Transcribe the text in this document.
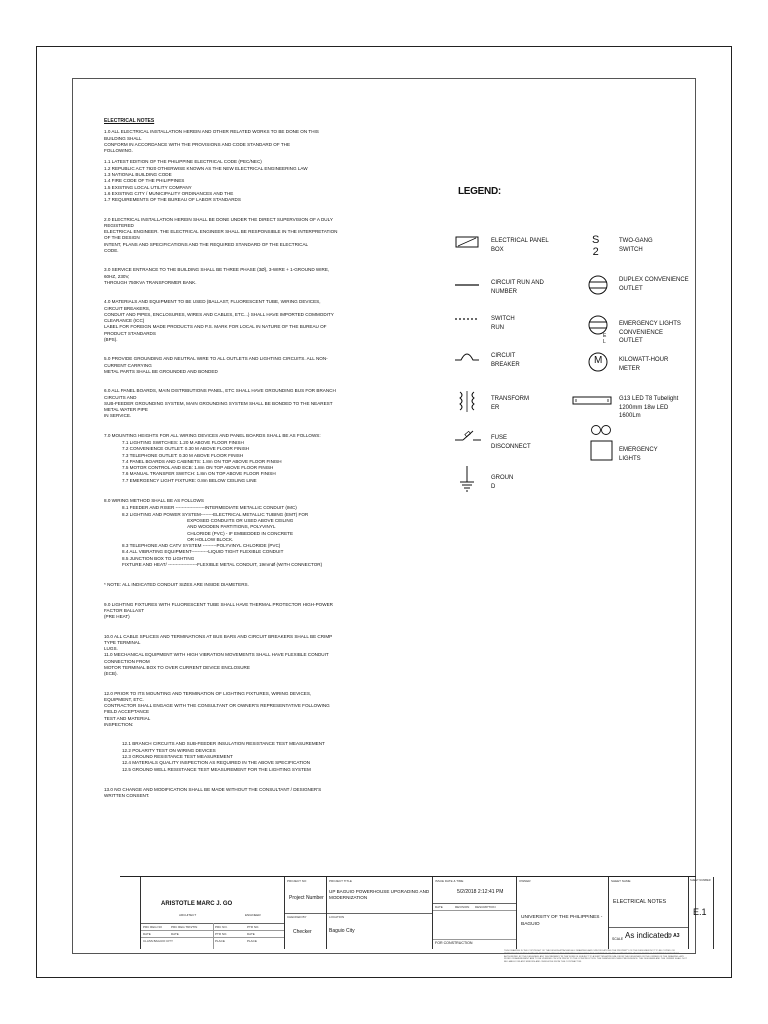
ELECTRICAL NOTES
1.0 ALL ELECTRICAL INSTALLATION HEREIN AND OTHER RELATED WORKS TO BE DONE ON THIS BUILDING SHALL
CONFORM IN ACCORDANCE WITH THE PROVISIONS AND CODE STANDARD OF THE
FOLLOWING.
1.1 LATEST EDITION OF THE PHILIPPINE ELECTRICAL CODE (PEC/NEC)
1.2 REPUBLIC ACT 7920 OTHERWISE KNOWN AS THE NEW ELECTRICAL ENGINEERING LAW
1.3 NATIONAL BUILDING CODE
1.4 FIRE CODE OF THE PHILIPPINES
1.5 EXISTING LOCAL UTILITY COMPANY
1.6 EXISTING CITY / MUNICIPALITY ORDINANCES AND THE
1.7 REQUIREMENTS OF THE BUREAU OF LABOR STANDARDS
2.0 ELECTRICAL INSTALLATION HEREIN SHALL BE DONE UNDER THE DIRECT SUPERVISION OF A DULY REGISTERED
ELECTRICAL ENGINEER. THE ELECTRICAL ENGINEER SHALL BE RESPONSIBLE IN THE INTERPRETATION OF THE DESIGN
INTENT, PLANS AND SPECIFICATIONS AND THE REQUIRED STANDARD OF THE ELECTRICAL
CODE.
3.0 SERVICE ENTRANCE TO THE BUILDING SHALL BE THREE PHASE (3Ø), 3-WIRE + 1-GROUND WIRE, 60HZ, 230V,
THROUGH 750KVA TRANSFORMER BANK.
4.0 MATERIALS AND EQUIPMENT TO BE USED (BALLAST, FLUORESCENT TUBE, WIRING DEVICES, CIRCUIT BREAKERS,
CONDUIT AND PIPES, ENCLOSURES, WIRES AND CABLES, ETC...) SHALL HAVE IMPORTED COMMODITY CLEARANCE (ICC)
LABEL FOR FOREIGN MADE PRODUCTS AND P.S. MARK FOR LOCAL IN NATURE OF THE BUREAU OF PRODUCT STANDARDS
(BPS).
5.0 PROVIDE GROUNDING AND NEUTRAL WIRE TO ALL OUTLETS AND LIGHTING CIRCUITS. ALL NON-CURRENT CARRYING
METAL PARTS SHALL BE GROUNDED AND BONDED
6.0 ALL PANEL BOARDS, MAIN DISTRIBUTIONS PANEL, ETC SHALL HAVE GROUNDING BUS FOR BRANCH CIRCUITS AND
SUB-FEEDER GROUNDING SYSTEM, MAIN GROUNDING SYSTEM SHALL BE BONDED TO THE NEAREST METAL WATER PIPE
IN SERVICE.
7.0 MOUNTING HEIGHTS FOR ALL WIRING DEVICES AND PANEL BOARDS SHALL BE AS FOLLOWS:
7.1 LIGHTING SWITCHES: 1.20 M ABOVE FLOOR FINISH
7.2 CONVENIENCE OUTLET: 0.30 M ABOVE FLOOR FINISH
7.3 TELEPHONE OUTLET: 0.30 M ABOVE FLOOR FINISH
7.4 PANEL BOARDS AND CABINETS: 1.8m ON TOP ABOVE FLOOR FINISH
7.5 MOTOR CONTROL AND ECB: 1.8m ON TOP ABOVE FLOOR FINISH
7.6 MANUAL TRANSFER SWITCH: 1.8m ON TOP ABOVE FLOOR FINISH
7.7 EMERGENCY LIGHT FIXTURE: 0.8m BELOW CEILING LINE
8.0 WIRING METHOD SHALL BE AS FOLLOWS
8.1 FEEDER AND RISER -------------------INTERMEDIATE METALLIC CONDUIT (IMC)
8.2 LIGHTING AND POWER SYSTEM--------ELECTRICAL METALLIC TUBING (EMT) FOR
EXPOSED CONDUITS OR USED ABOVE CEILING
AND WOODEN PARTITIONS, POLYVINYL
CHLORIDE (PVC) - IF EMBEDDED IN CONCRETE
OR HOLLOW BLOCK.
8.3 TELEPHONE AND CATV SYSTEM ---------POLYVINYL CHLORIDE (PVC)
8.4 ALL VIBRATING EQUIPMENT-----------LIQUID TIGHT FLEXIBLE CONDUIT
8.5 JUNCTION BOX TO LIGHTING
FIXTURE AND HEAT/ -------------------FLEXIBLE METAL CONDUIT, 19mmØ (WITH CONNECTOR)
* NOTE: ALL INDICATED CONDUIT SIZES ARE INSIDE DIAMETERS.
9.0 LIGHTING FIXTURES WITH FLUORESCENT TUBE SHALL HAVE THERMAL PROTECTOR HIGH-POWER FACTOR BALLAST
(PRE HEAT)
10.0 ALL CABLE SPLICES AND TERMINATIONS AT BUS BARS AND CIRCUIT BREAKERS SHALL BE CRIMP TYPE TERMINAL
LUGS.
11.0 MECHANICAL EQUIPMENT WITH HIGH VIBRATION MOVEMENTS SHALL HAVE FLEXIBLE CONDUIT CONNECTION FROM
MOTOR TERMINAL BOX TO OVER CURRENT DEVICE ENCLOSURE
(ECB).
12.0 PRIOR TO ITS MOUNTING AND TERMINATION OF LIGHTING FIXTURES, WIRING DEVICES, EQUIPMENT, ETC.
CONTRACTOR SHALL ENGAGE WITH THE CONSULTANT OR OWNER'S REPRESENTATIVE FOLLOWING FIELD ACCEPTANCE
TEST AND MATERIAL
INSPECTION:
12.1 BRANCH CIRCUITS AND SUB-FEEDER INSULATION RESISTANCE TEST MEASUREMENT
12.2 POLARITY TEST ON WIRING DEVICES
12.3 GROUND RESISTANCE TEST MEASUREMENT
12.4 MATERIALS QUALITY INSPECTION AS REQUIRED IN THE ABOVE SPECIFICATION
12.5 GROUND WELL RESISTANCE TEST MEASUREMENT FOR THE LIGHTING SYSTEM
13.0 NO CHANGE AND MODIFICATION SHALL BE MADE WITHOUT THE CONSULTANT / DESIGNER'S WRITTEN CONSENT.
LEGEND:
ELECTRICAL PANEL
BOX
CIRCUIT RUN AND
NUMBER
SWITCH
RUN
CIRCUIT
BREAKER
TRANSFORM
ER
FUSE
DISCONNECT
GROUN
D
S
2
TWO-GANG
SWITCH
DUPLEX CONVENIENCE
OUTLET
E
L
EMERGENCY LIGHTS
CONVENIENCE
OUTLET
M	KILOWATT-HOUR
METER
G13 LED T8 Tubelight
1200mm 18w LED
1600Lm
EMERGENCY
LIGHTS
ARISTOTLE MARC J. GO
ARCHITECT	ENGINEER
PRC REG NO	PRC REG TRN/TIN	PRC NO.	PTR NO.
DATE	DATE	PTR NO.	DATE
CLASS BAGUIO CITY	PLACE	PLACE
PROJECT NO
Project Number
CHECKED BY
Checker
PROJECT TITLE
UP BAGUIO POWERHOUSE UPGRADING AND
MODERNIZATION
LOCATION
Baguio City
ISSUE DATE & TIME
5/2/2018 2:12:41 PM
DATE	REVISION DESCRIPTION
FOR CONSTRUCTION
OWNER
UNIVERSITY OF THE PHILIPPINES -
BAGUIO
SHEET NAME
ELECTRICAL NOTES
SCALE As indicated
@ A3
SHEET NUMBER
E.1
THIS DRAWING IS THE COPYRIGHT OF THE DESIGN ATTACHED ALL DRAWINGS AND SPECIFICATIONS THE PROPERTY OF THE DESIGNER NOT TO BE COPIED OR REPRODUCED IN ANY FORM OR PREPARED ANY OF ANY DRAWINGS INCLUDING THE CONTRACT OR ANY COMPONENTS UNLESS THERE IS A WRITTEN AGREEMENT AUTHORIZED BY THE DESIGNER. ANY DISCREPANCY IN THE WORK IS SUBJECT TO A WRITTEN APPROVAL FROM THE DESIGNER OR THE OWNER OF THE DRAWING. ANY WORK OR AMENDMENT ARE TO BE VERIFIED ON SITE PRIOR TO THE CONSTRUCTION. THE DIMENSIONS TAKE PRECEDENCE. THE DESIGNER AND THE OWNER SHALL NOT BE LIABLE FOR ANY ERRORS AND OMISSIONS FROM THE CONTRACTOR.
